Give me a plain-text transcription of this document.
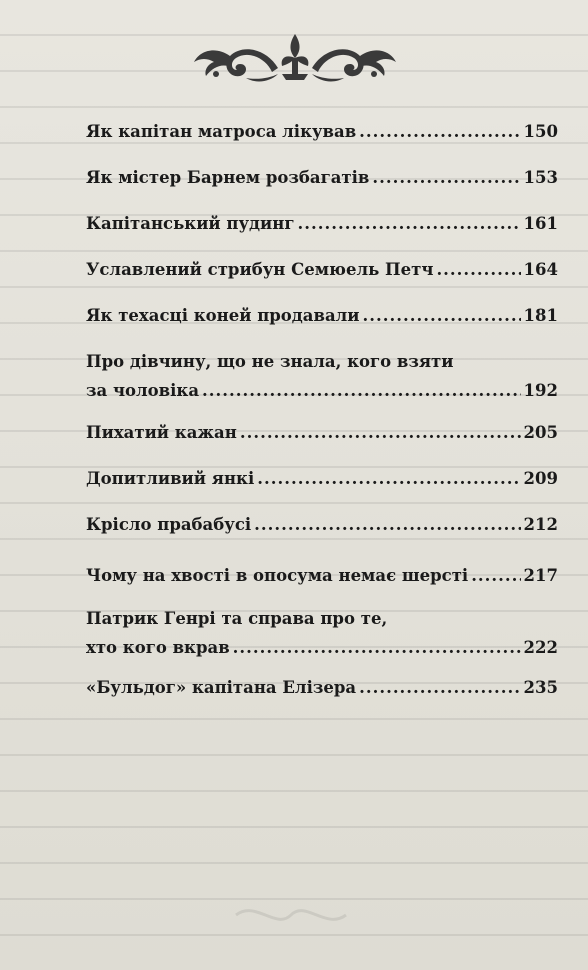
Як капітан матроса лікував .....	150
Як містер Барнем розбагатів .....	153
Капітанський пудинг .....	161
Уславлений стрибун Семюель Петч .....	164
Як техасці коней продавали .....	181
Про дівчину, що не знала, кого взяти
за чоловіка .....	192
Пихатий кажан .....	205
Допитливий янкі .....	209
Крісло прабабусі .....	212
Чому на хвості в опосума немає шерсті .....	217
Патрик Генрі та справа про те,
хто кого вкрав .....	222
«Бульдог» капітана Елізера .....	235
